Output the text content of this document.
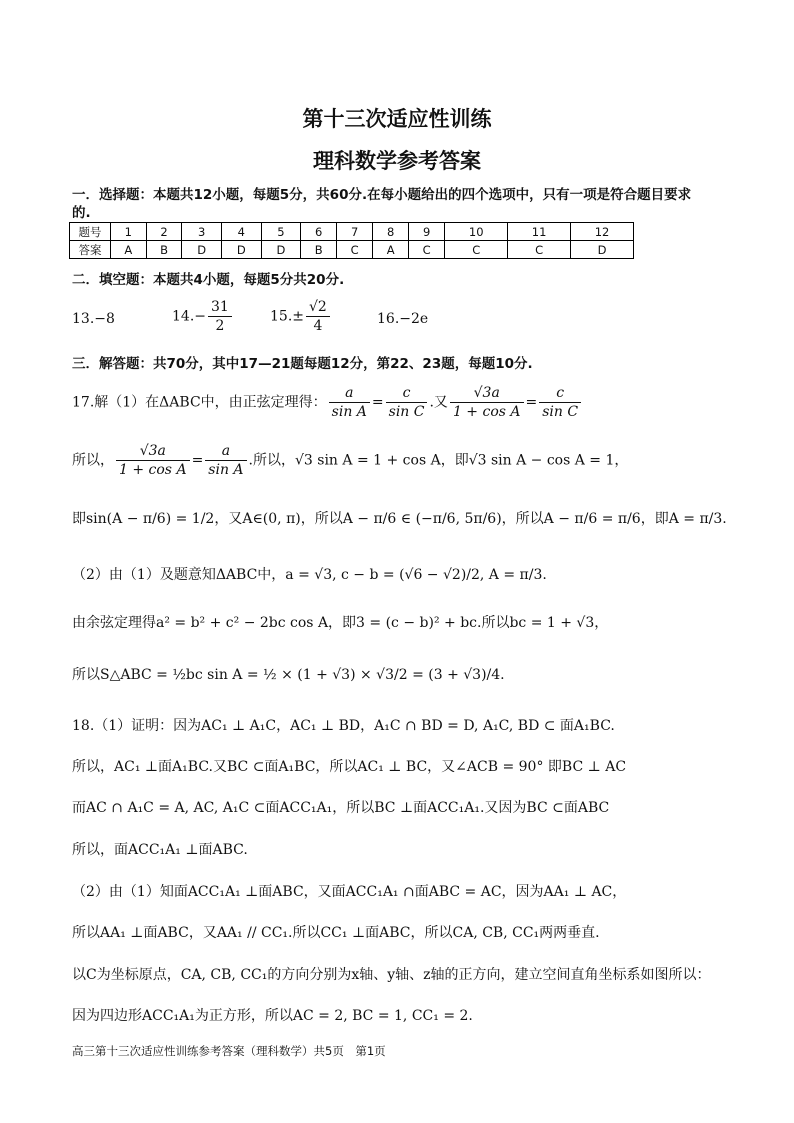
第十三次适应性训练
理科数学参考答案
一．选择题：本题共12小题，每题5分，共60分.在每小题给出的四个选项中，只有一项是符合题目要求
的.
题号	1	2	3	4	5	6	7	8	9	10	11	12
答案	A	B	D	D	D	B	C	A	C	C	C	D
二．填空题：本题共4小题，每题5分共20分.
13.−8	$14.- \frac{31}{2}$	$15.\pm \frac{√2}{4}$	16.−2e
三．解答题：共70分，其中17—21题每题12分，第22、23题，每题10分.
17.解（1）在ΔABC中，由正弦定理得： $\frac{a}{\text{sin A}} = \frac{c}{\text{sin C}}$ .又 $\frac{√3a}{\text{1 + cos A}} = \frac{c}{\text{sin C}}$
所以， $\frac{√3a}{\text{1 + cos A}} = \frac{a}{\text{sin A}}$ .所以，√3 sin A = 1 + cos A，即√3 sin A − cos A = 1，
即sin(A − π/6) = 1/2，又A∈(0, π)，所以A − π/6 ∈ (−π/6, 5π/6)，所以A − π/6 = π/6，即A = π/3.
（2）由（1）及题意知ΔABC中，a = √3, c − b = (√6 − √2)/2, A = π/3.
由余弦定理得a² = b² + c² − 2bc cos A，即3 = (c − b)² + bc.所以bc = 1 + √3，
所以S△ABC = ½bc sin A = ½ × (1 + √3) × √3/2 = (3 + √3)/4.
18.（1）证明：因为AC₁ ⊥ A₁C，AC₁ ⊥ BD，A₁C ∩ BD = D, A₁C, BD ⊂ 面A₁BC.
所以，AC₁ ⊥面A₁BC.又BC ⊂面A₁BC，所以AC₁ ⊥ BC，又∠ACB = 90° 即BC ⊥ AC
而AC ∩ A₁C = A, AC, A₁C ⊂面ACC₁A₁，所以BC ⊥面ACC₁A₁.又因为BC ⊂面ABC
所以，面ACC₁A₁ ⊥面ABC.
（2）由（1）知面ACC₁A₁ ⊥面ABC，又面ACC₁A₁ ∩面ABC = AC，因为AA₁ ⊥ AC，
所以AA₁ ⊥面ABC，又AA₁ // CC₁.所以CC₁ ⊥面ABC，所以CA, CB, CC₁两两垂直.
以C为坐标原点，CA, CB, CC₁的方向分别为x轴、y轴、z轴的正方向，建立空间直角坐标系如图所以：
因为四边形ACC₁A₁为正方形，所以AC = 2, BC = 1, CC₁ = 2.
高三第十三次适应性训练参考答案（理科数学）共5页　第1页
